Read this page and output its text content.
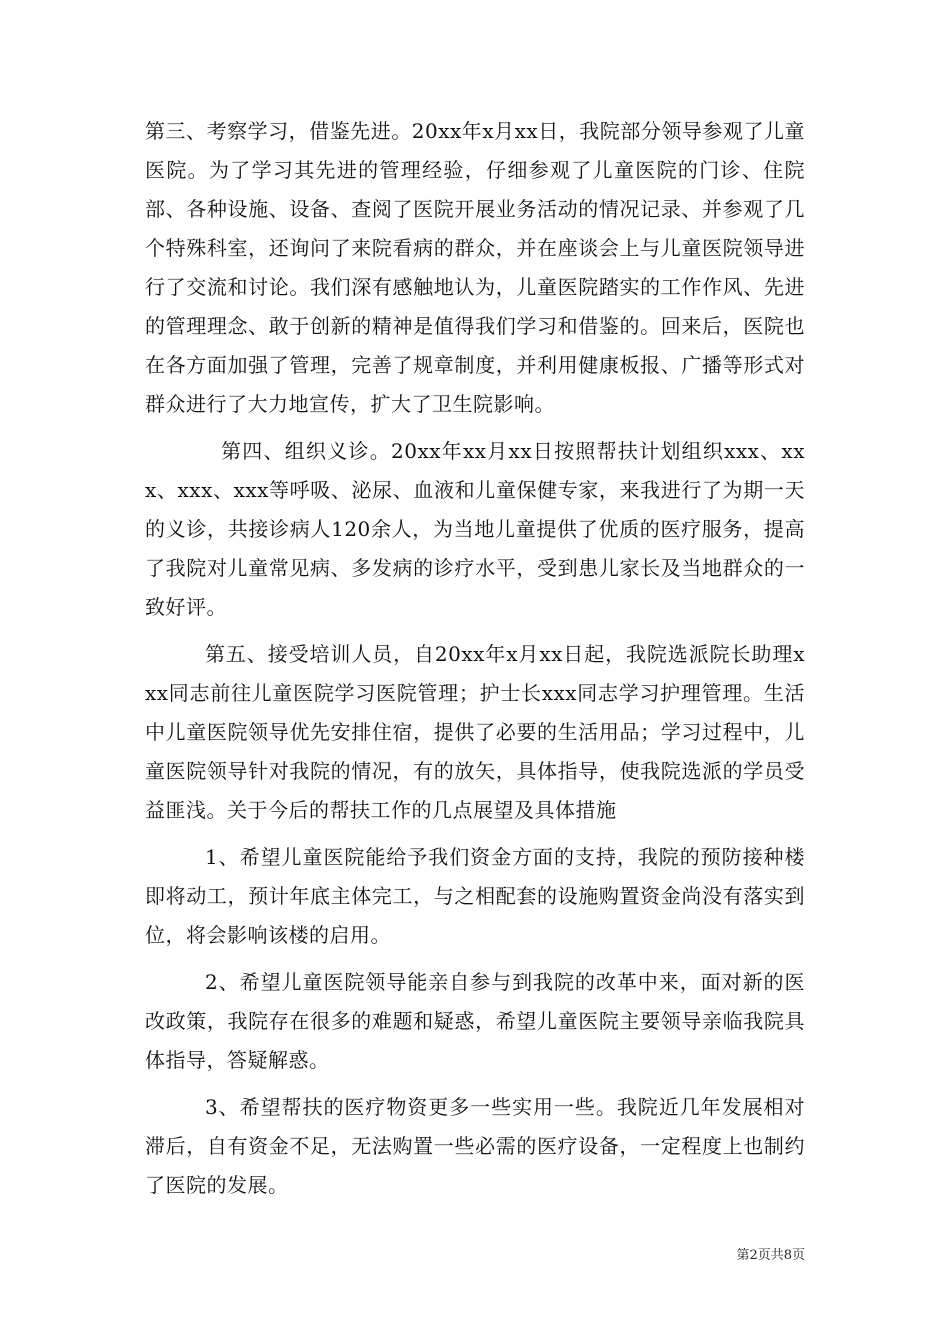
第三、考察学习，借鉴先进。20xx年x月xx日，我院部分领导参观了儿童医院。为了学习其先进的管理经验，仔细参观了儿童医院的门诊、住院部、各种设施、设备、查阅了医院开展业务活动的情况记录、并参观了几个特殊科室，还询问了来院看病的群众，并在座谈会上与儿童医院领导进行了交流和讨论。我们深有感触地认为，儿童医院踏实的工作作风、先进的管理理念、敢于创新的精神是值得我们学习和借鉴的。回来后，医院也在各方面加强了管理，完善了规章制度，并利用健康板报、广播等形式对群众进行了大力地宣传，扩大了卫生院影响。

第四、组织义诊。20xx年xx月xx日按照帮扶计划组织xxx、xxx、xxx、xxx等呼吸、泌尿、血液和儿童保健专家，来我进行了为期一天的义诊，共接诊病人120余人，为当地儿童提供了优质的医疗服务，提高了我院对儿童常见病、多发病的诊疗水平，受到患儿家长及当地群众的一致好评。

第五、接受培训人员，自20xx年x月xx日起，我院选派院长助理xxx同志前往儿童医院学习医院管理；护士长xxx同志学习护理管理。生活中儿童医院领导优先安排住宿，提供了必要的生活用品；学习过程中，儿童医院领导针对我院的情况，有的放矢，具体指导，使我院选派的学员受益匪浅。关于今后的帮扶工作的几点展望及具体措施

1、希望儿童医院能给予我们资金方面的支持，我院的预防接种楼即将动工，预计年底主体完工，与之相配套的设施购置资金尚没有落实到位，将会影响该楼的启用。

2、希望儿童医院领导能亲自参与到我院的改革中来，面对新的医改政策，我院存在很多的难题和疑惑，希望儿童医院主要领导亲临我院具体指导，答疑解惑。

3、希望帮扶的医疗物资更多一些实用一些。我院近几年发展相对滞后，自有资金不足，无法购置一些必需的医疗设备，一定程度上也制约了医院的发展。

第2页共8页
